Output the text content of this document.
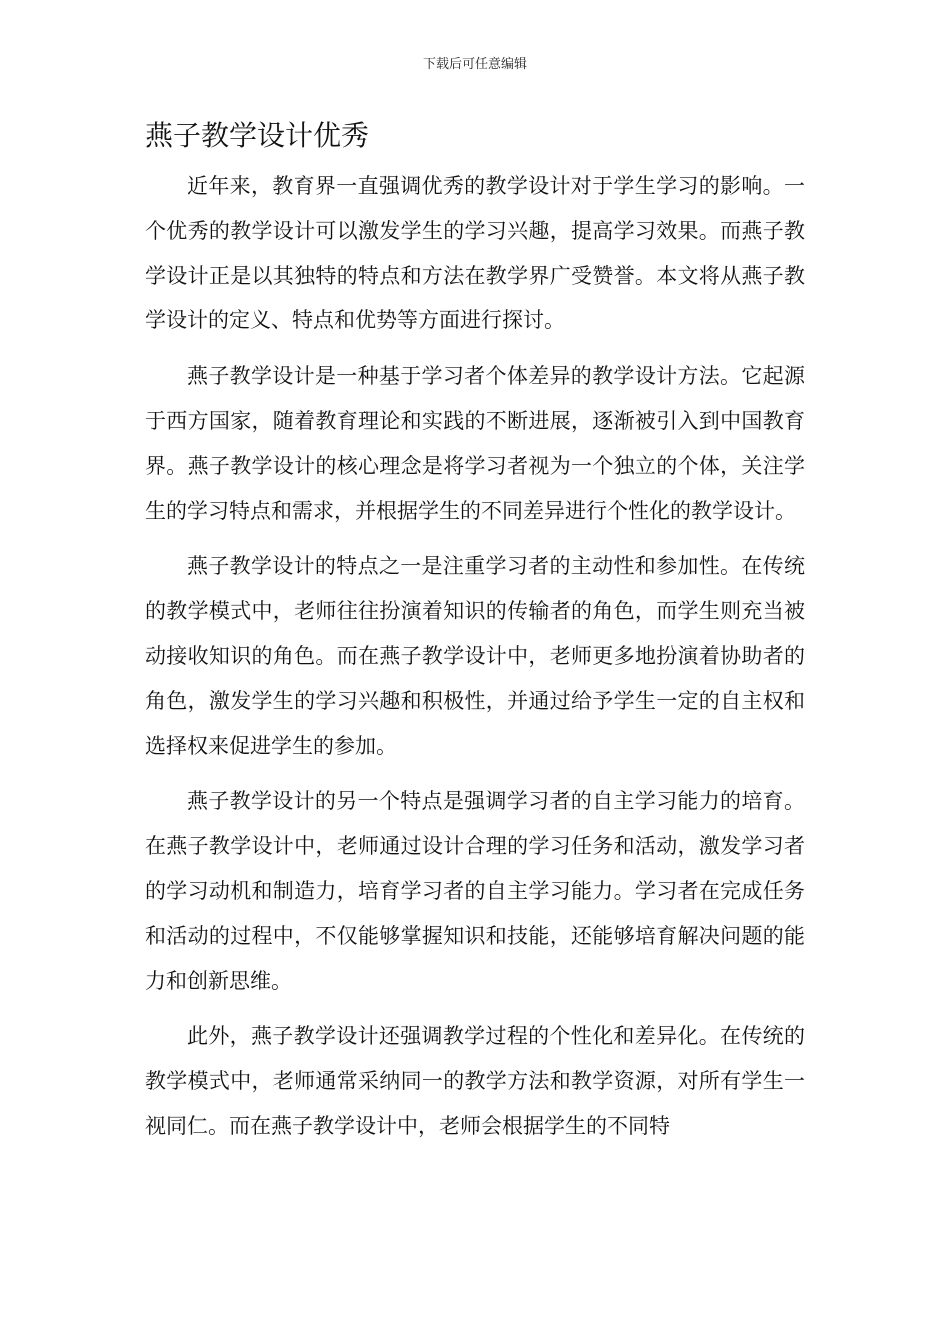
下载后可任意编辑
燕子教学设计优秀

近年来，教育界一直强调优秀的教学设计对于学生学习的影响。一个优秀的教学设计可以激发学生的学习兴趣，提高学习效果。而燕子教学设计正是以其独特的特点和方法在教学界广受赞誉。本文将从燕子教学设计的定义、特点和优势等方面进行探讨。

燕子教学设计是一种基于学习者个体差异的教学设计方法。它起源于西方国家，随着教育理论和实践的不断进展，逐渐被引入到中国教育界。燕子教学设计的核心理念是将学习者视为一个独立的个体，关注学生的学习特点和需求，并根据学生的不同差异进行个性化的教学设计。

燕子教学设计的特点之一是注重学习者的主动性和参加性。在传统的教学模式中，老师往往扮演着知识的传输者的角色，而学生则充当被动接收知识的角色。而在燕子教学设计中，老师更多地扮演着协助者的角色，激发学生的学习兴趣和积极性，并通过给予学生一定的自主权和选择权来促进学生的参加。

燕子教学设计的另一个特点是强调学习者的自主学习能力的培育。在燕子教学设计中，老师通过设计合理的学习任务和活动，激发学习者的学习动机和制造力，培育学习者的自主学习能力。学习者在完成任务和活动的过程中，不仅能够掌握知识和技能，还能够培育解决问题的能力和创新思维。

此外，燕子教学设计还强调教学过程的个性化和差异化。在传统的教学模式中，老师通常采纳同一的教学方法和教学资源，对所有学生一视同仁。而在燕子教学设计中，老师会根据学生的不同特
